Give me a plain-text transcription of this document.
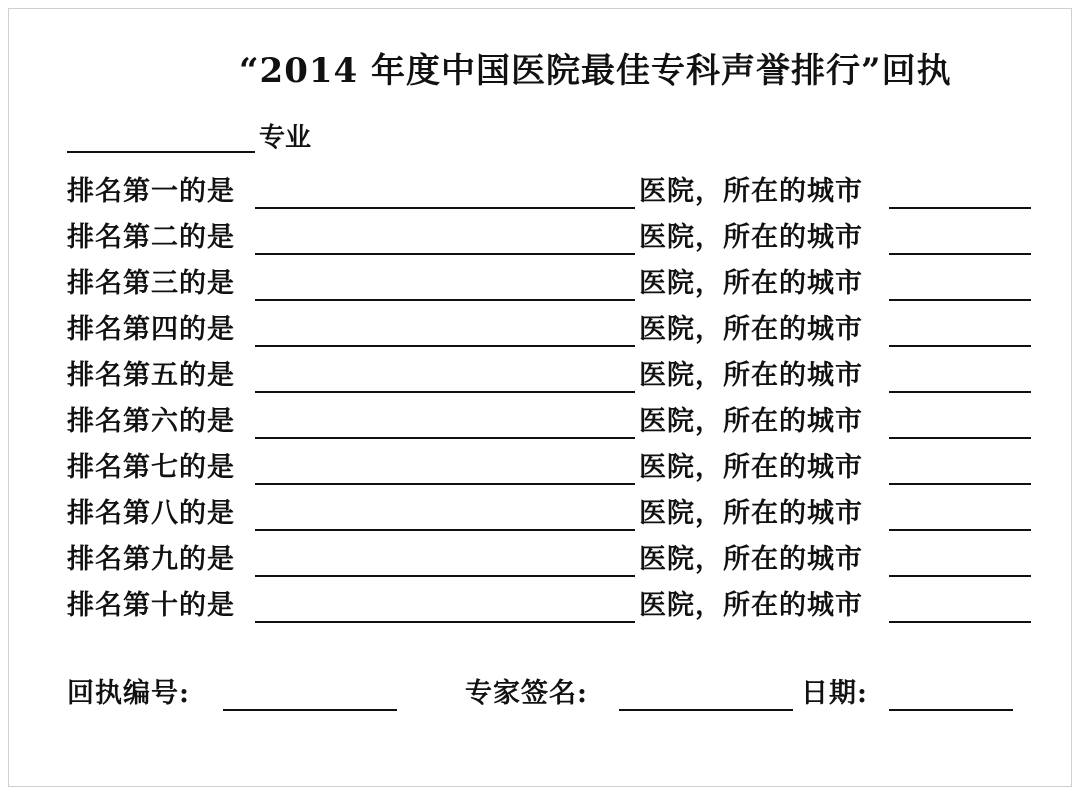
“2014 年度中国医院最佳专科声誉排行”回执
专业
排名第一的是	医院，所在的城市
排名第二的是	医院，所在的城市
排名第三的是	医院，所在的城市
排名第四的是	医院，所在的城市
排名第五的是	医院，所在的城市
排名第六的是	医院，所在的城市
排名第七的是	医院，所在的城市
排名第八的是	医院，所在的城市
排名第九的是	医院，所在的城市
排名第十的是	医院，所在的城市
回执编号:	专家签名:	日期:
